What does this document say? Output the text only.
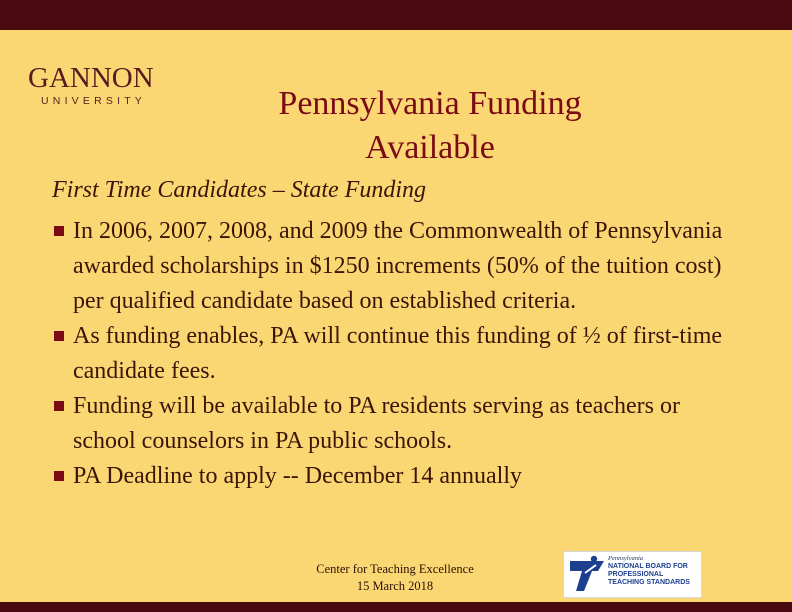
GANNON
UNIVERSITY	Pennsylvania Funding
Available
First Time Candidates – State Funding
In 2006, 2007, 2008, and 2009 the Commonwealth of Pennsylvania awarded scholarships in $1250 increments (50% of the tuition cost) per qualified candidate based on established criteria.
As funding enables, PA will continue this funding of ½ of first-time candidate fees.
Funding will be available to PA residents serving as teachers or school counselors in PA public schools.
PA Deadline to apply -- December 14 annually
Center for Teaching Excellence
15 March 2018
Pennsylvania
NATIONAL BOARD FOR PROFESSIONAL TEACHING STANDARDS
